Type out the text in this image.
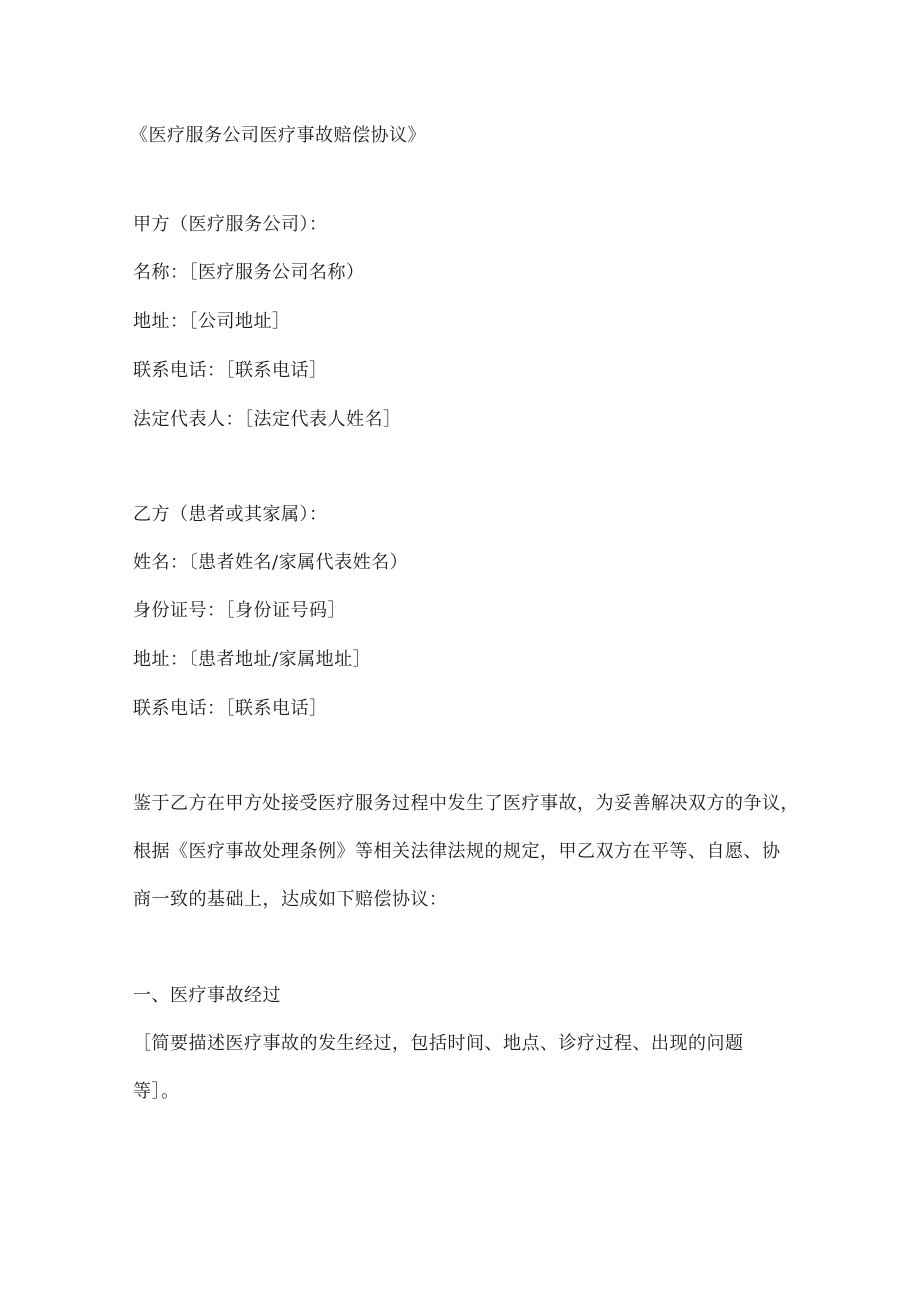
《医疗服务公司医疗事故赔偿协议》
甲方（医疗服务公司）：
名称：［医疗服务公司名称）
地址：［公司地址］
联系电话：［联系电话］
法定代表人：［法定代表人姓名］
乙方（患者或其家属）：
姓名：〔患者姓名/家属代表姓名）
身份证号：［身份证号码］
地址：〔患者地址/家属地址］
联系电话：［联系电话］
鉴于乙方在甲方处接受医疗服务过程中发生了医疗事故，为妥善解决双方的争议，
根据《医疗事故处理条例》等相关法律法规的规定，甲乙双方在平等、自愿、协
商一致的基础上，达成如下赔偿协议：
一、医疗事故经过
［简要描述医疗事故的发生经过，包括时间、地点、诊疗过程、出现的问题
等］。
